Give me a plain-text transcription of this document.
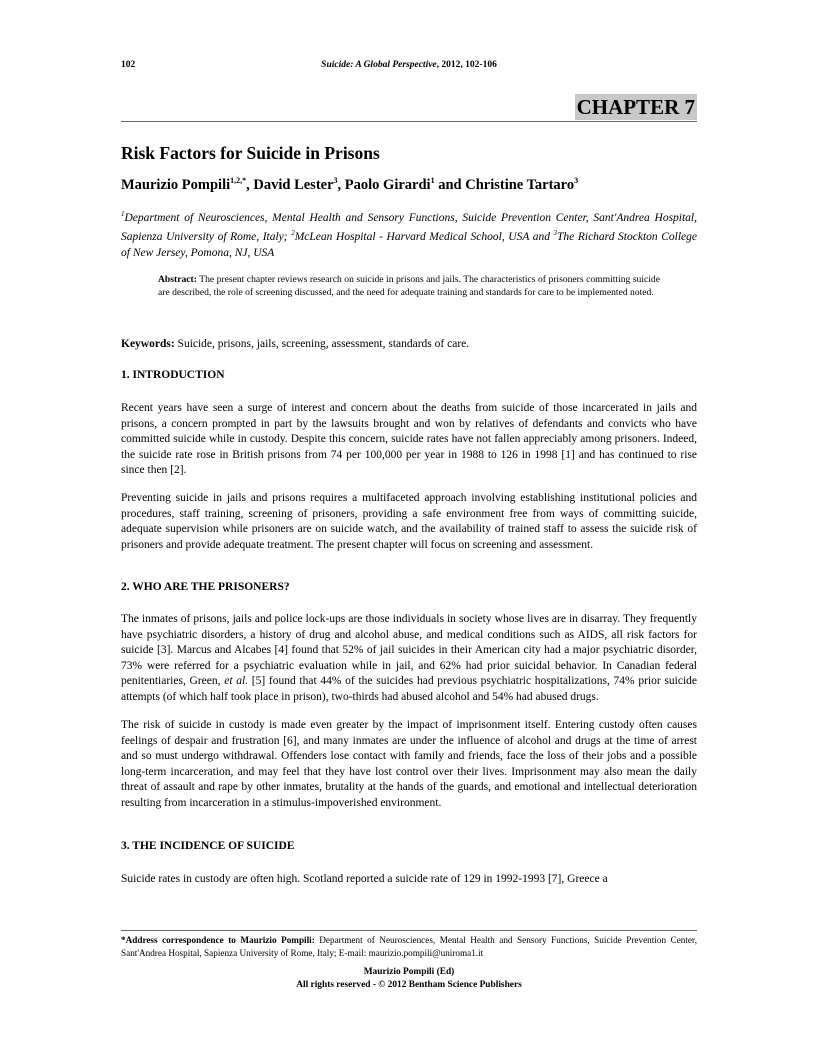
102	Suicide: A Global Perspective, 2012, 102-106
CHAPTER 7
Risk Factors for Suicide in Prisons
Maurizio Pompili$^{1,2,*}$, David Lester$^3$, Paolo Girardi$^1$ and Christine Tartaro$^3$
$^1$Department of Neurosciences, Mental Health and Sensory Functions, Suicide Prevention Center, Sant'Andrea Hospital, Sapienza University of Rome, Italy; $^2$McLean Hospital - Harvard Medical School, USA and $^3$The Richard Stockton College of New Jersey, Pomona, NJ, USA
Abstract: The present chapter reviews research on suicide in prisons and jails. The characteristics of prisoners committing suicide are described, the role of screening discussed, and the need for adequate training and standards for care to be implemented noted.
Keywords: Suicide, prisons, jails, screening, assessment, standards of care.
1. INTRODUCTION

Recent years have seen a surge of interest and concern about the deaths from suicide of those incarcerated in jails and prisons, a concern prompted in part by the lawsuits brought and won by relatives of defendants and convicts who have committed suicide while in custody. Despite this concern, suicide rates have not fallen appreciably among prisoners. Indeed, the suicide rate rose in British prisons from 74 per 100,000 per year in 1988 to 126 in 1998 [1] and has continued to rise since then [2].

Preventing suicide in jails and prisons requires a multifaceted approach involving establishing institutional policies and procedures, staff training, screening of prisoners, providing a safe environment free from ways of committing suicide, adequate supervision while prisoners are on suicide watch, and the availability of trained staff to assess the suicide risk of prisoners and provide adequate treatment. The present chapter will focus on screening and assessment.

2. WHO ARE THE PRISONERS?

The inmates of prisons, jails and police lock-ups are those individuals in society whose lives are in disarray. They frequently have psychiatric disorders, a history of drug and alcohol abuse, and medical conditions such as AIDS, all risk factors for suicide [3]. Marcus and Alcabes [4] found that 52% of jail suicides in their American city had a major psychiatric disorder, 73% were referred for a psychiatric evaluation while in jail, and 62% had prior suicidal behavior. In Canadian federal penitentiaries, Green, et al. [5] found that 44% of the suicides had previous psychiatric hospitalizations, 74% prior suicide attempts (of which half took place in prison), two-thirds had abused alcohol and 54% had abused drugs.

The risk of suicide in custody is made even greater by the impact of imprisonment itself. Entering custody often causes feelings of despair and frustration [6], and many inmates are under the influence of alcohol and drugs at the time of arrest and so must undergo withdrawal. Offenders lose contact with family and friends, face the loss of their jobs and a possible long-term incarceration, and may feel that they have lost control over their lives. Imprisonment may also mean the daily threat of assault and rape by other inmates, brutality at the hands of the guards, and emotional and intellectual deterioration resulting from incarceration in a stimulus-impoverished environment.

3. THE INCIDENCE OF SUICIDE

Suicide rates in custody are often high. Scotland reported a suicide rate of 129 in 1992-1993 [7], Greece a

*Address correspondence to Maurizio Pompili: Department of Neurosciences, Mental Health and Sensory Functions, Suicide Prevention Center, Sant'Andrea Hospital, Sapienza University of Rome, Italy; E-mail: maurizio.pompili@uniroma1.it
Maurizio Pompili (Ed)
All rights reserved - © 2012 Bentham Science Publishers
